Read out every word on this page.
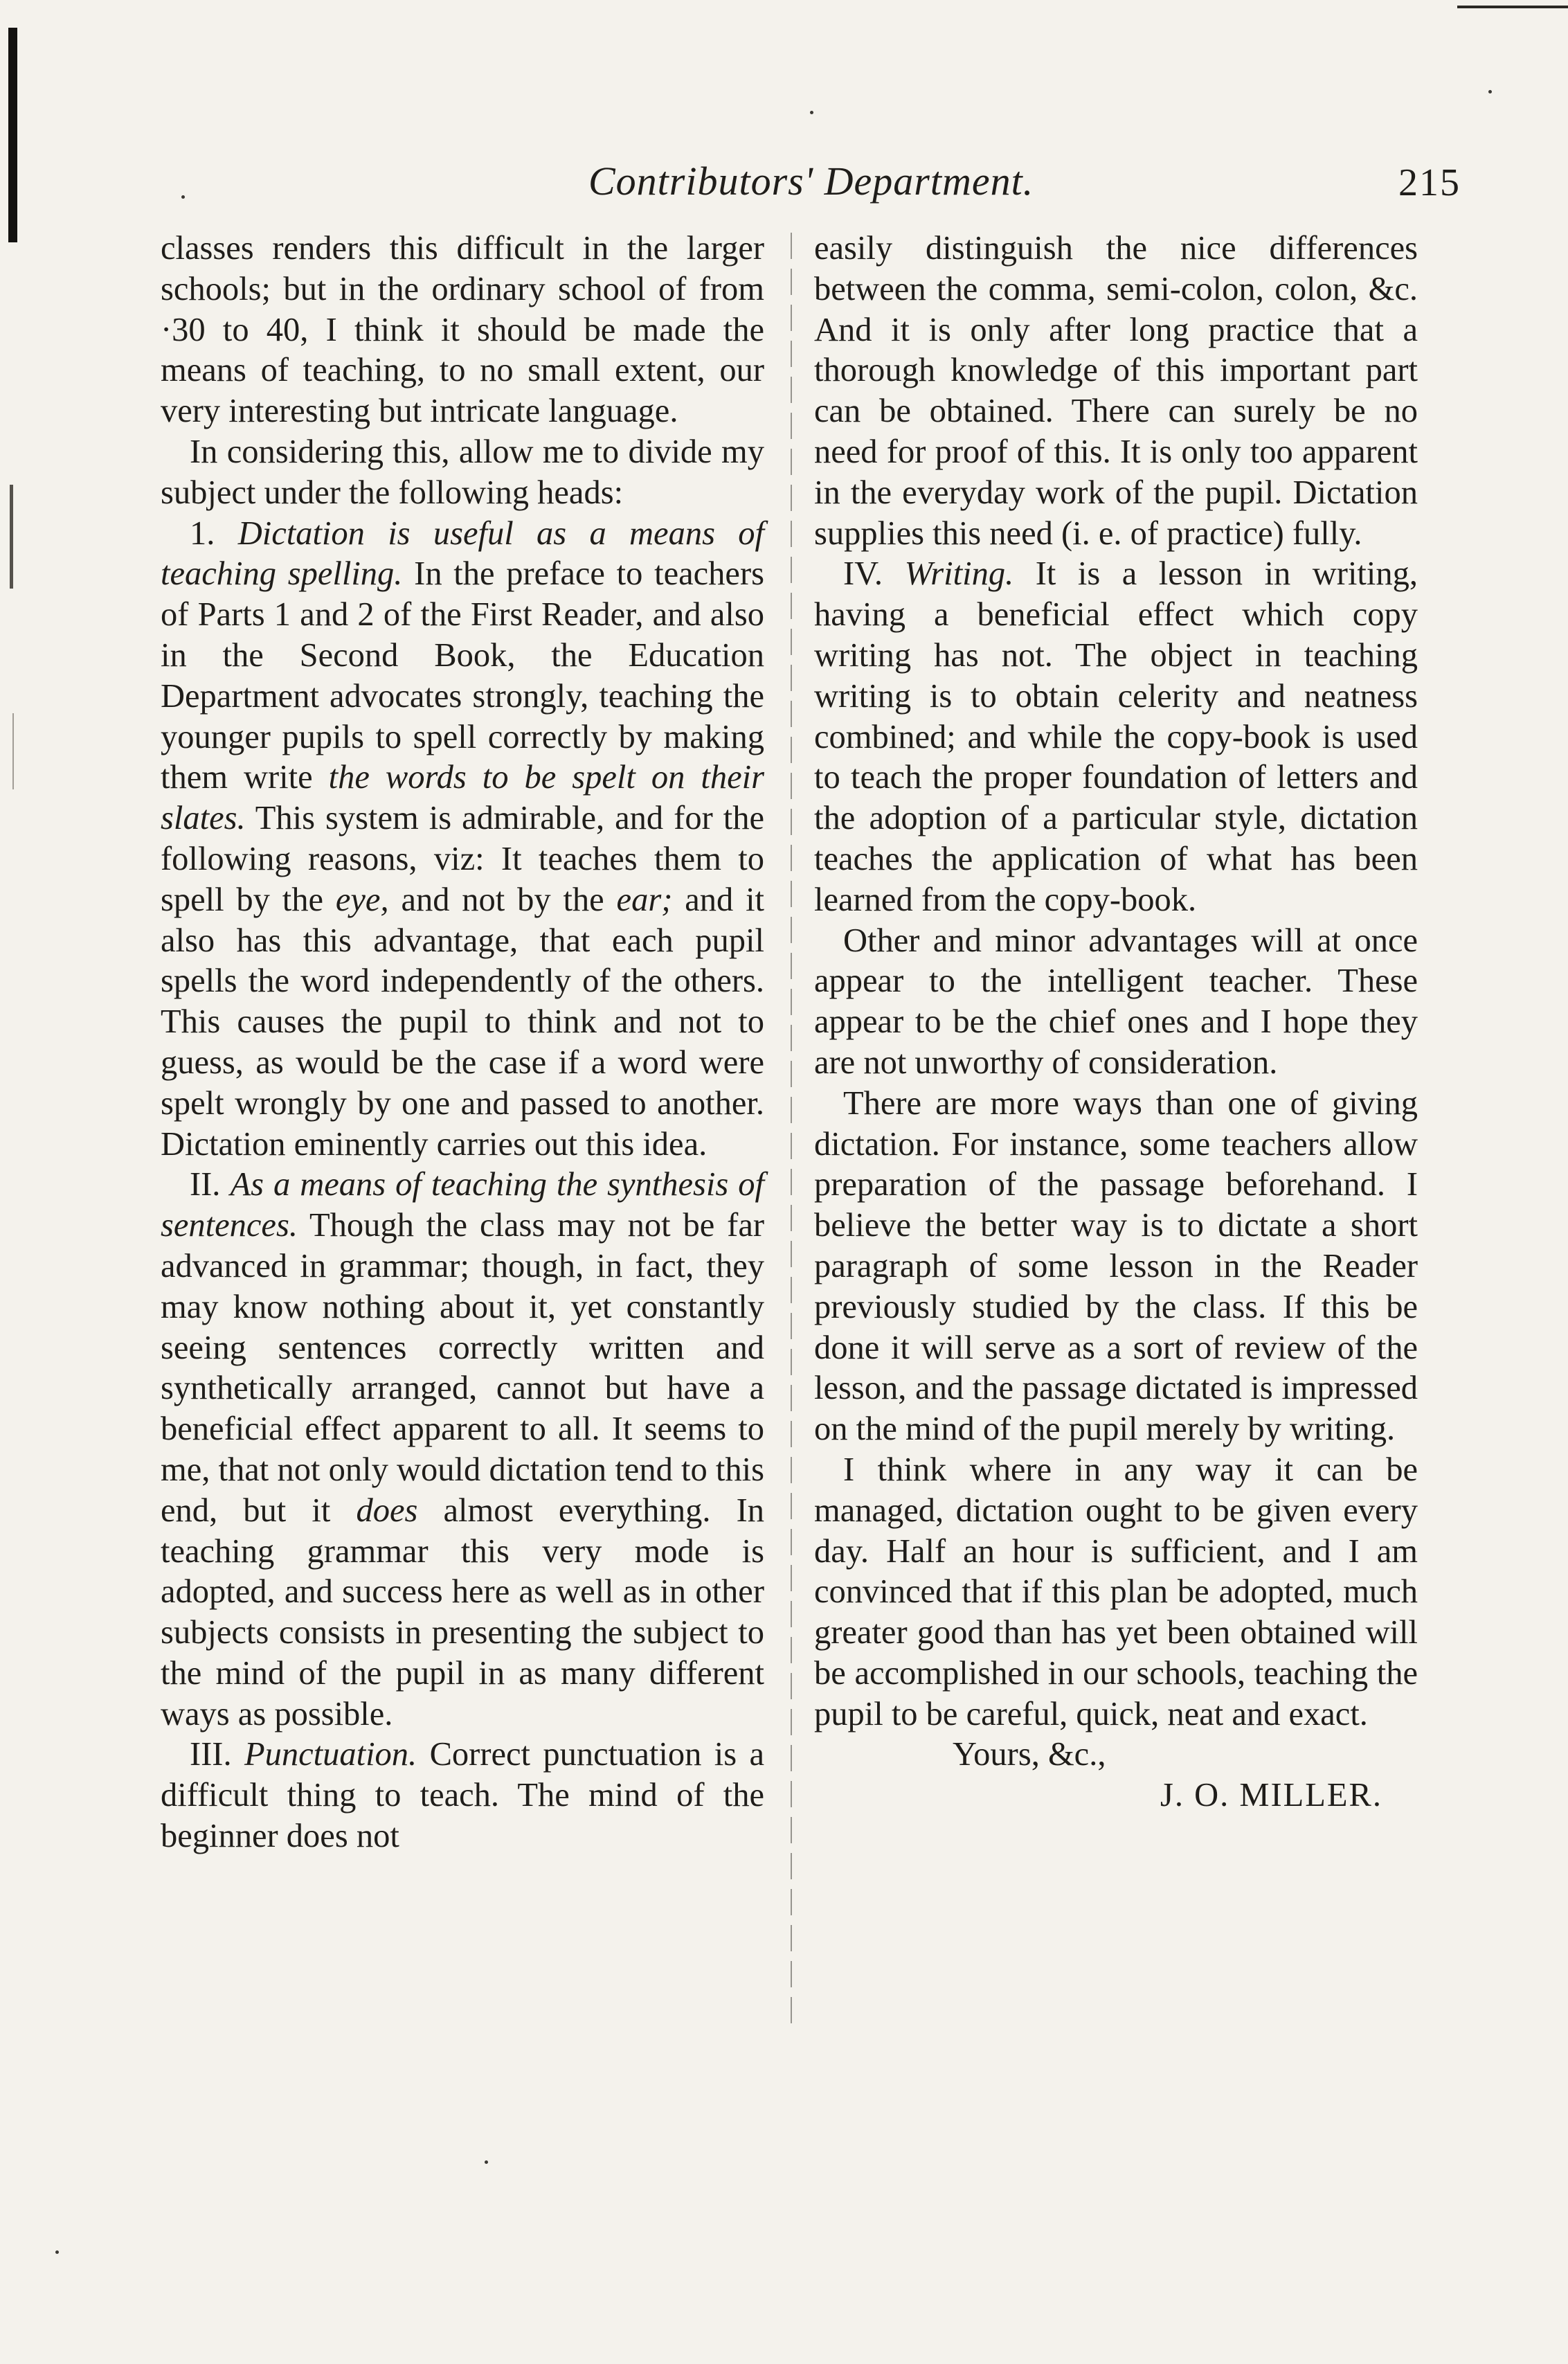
Contributors' Department.	215

classes renders this difficult in the larger schools; but in the ordinary school of from ·30 to 40, I think it should be made the means of teaching, to no small extent, our very interesting but intricate language.

In considering this, allow me to divide my subject under the following heads:

1. Dictation is useful as a means of teaching spelling. In the preface to teachers of Parts 1 and 2 of the First Reader, and also in the Second Book, the Education Department advocates strongly, teaching the younger pupils to spell correctly by making them write the words to be spelt on their slates. This system is admirable, and for the following reasons, viz: It teaches them to spell by the eye, and not by the ear; and it also has this advantage, that each pupil spells the word independently of the others. This causes the pupil to think and not to guess, as would be the case if a word were spelt wrongly by one and passed to another. Dictation eminently carries out this idea.

II. As a means of teaching the synthesis of sentences. Though the class may not be far advanced in grammar; though, in fact, they may know nothing about it, yet constantly seeing sentences correctly written and synthetically arranged, cannot but have a beneficial effect apparent to all. It seems to me, that not only would dictation tend to this end, but it does almost everything. In teaching grammar this very mode is adopted, and success here as well as in other subjects consists in presenting the subject to the mind of the pupil in as many different ways as possible.

III. Punctuation. Correct punctuation is a difficult thing to teach. The mind of the beginner does not

easily distinguish the nice differences between the comma, semi-colon, colon, &c. And it is only after long practice that a thorough knowledge of this important part can be obtained. There can surely be no need for proof of this. It is only too apparent in the everyday work of the pupil. Dictation supplies this need (i. e. of practice) fully.

IV. Writing. It is a lesson in writing, having a beneficial effect which copy writing has not. The object in teaching writing is to obtain celerity and neatness combined; and while the copy-book is used to teach the proper foundation of letters and the adoption of a particular style, dictation teaches the application of what has been learned from the copy-book.

Other and minor advantages will at once appear to the intelligent teacher. These appear to be the chief ones and I hope they are not unworthy of consideration.

There are more ways than one of giving dictation. For instance, some teachers allow preparation of the passage beforehand. I believe the better way is to dictate a short paragraph of some lesson in the Reader previously studied by the class. If this be done it will serve as a sort of review of the lesson, and the passage dictated is impressed on the mind of the pupil merely by writing.

I think where in any way it can be managed, dictation ought to be given every day. Half an hour is sufficient, and I am convinced that if this plan be adopted, much greater good than has yet been obtained will be accomplished in our schools, teaching the pupil to be careful, quick, neat and exact.

Yours, &c.,

J. O. MILLER.
